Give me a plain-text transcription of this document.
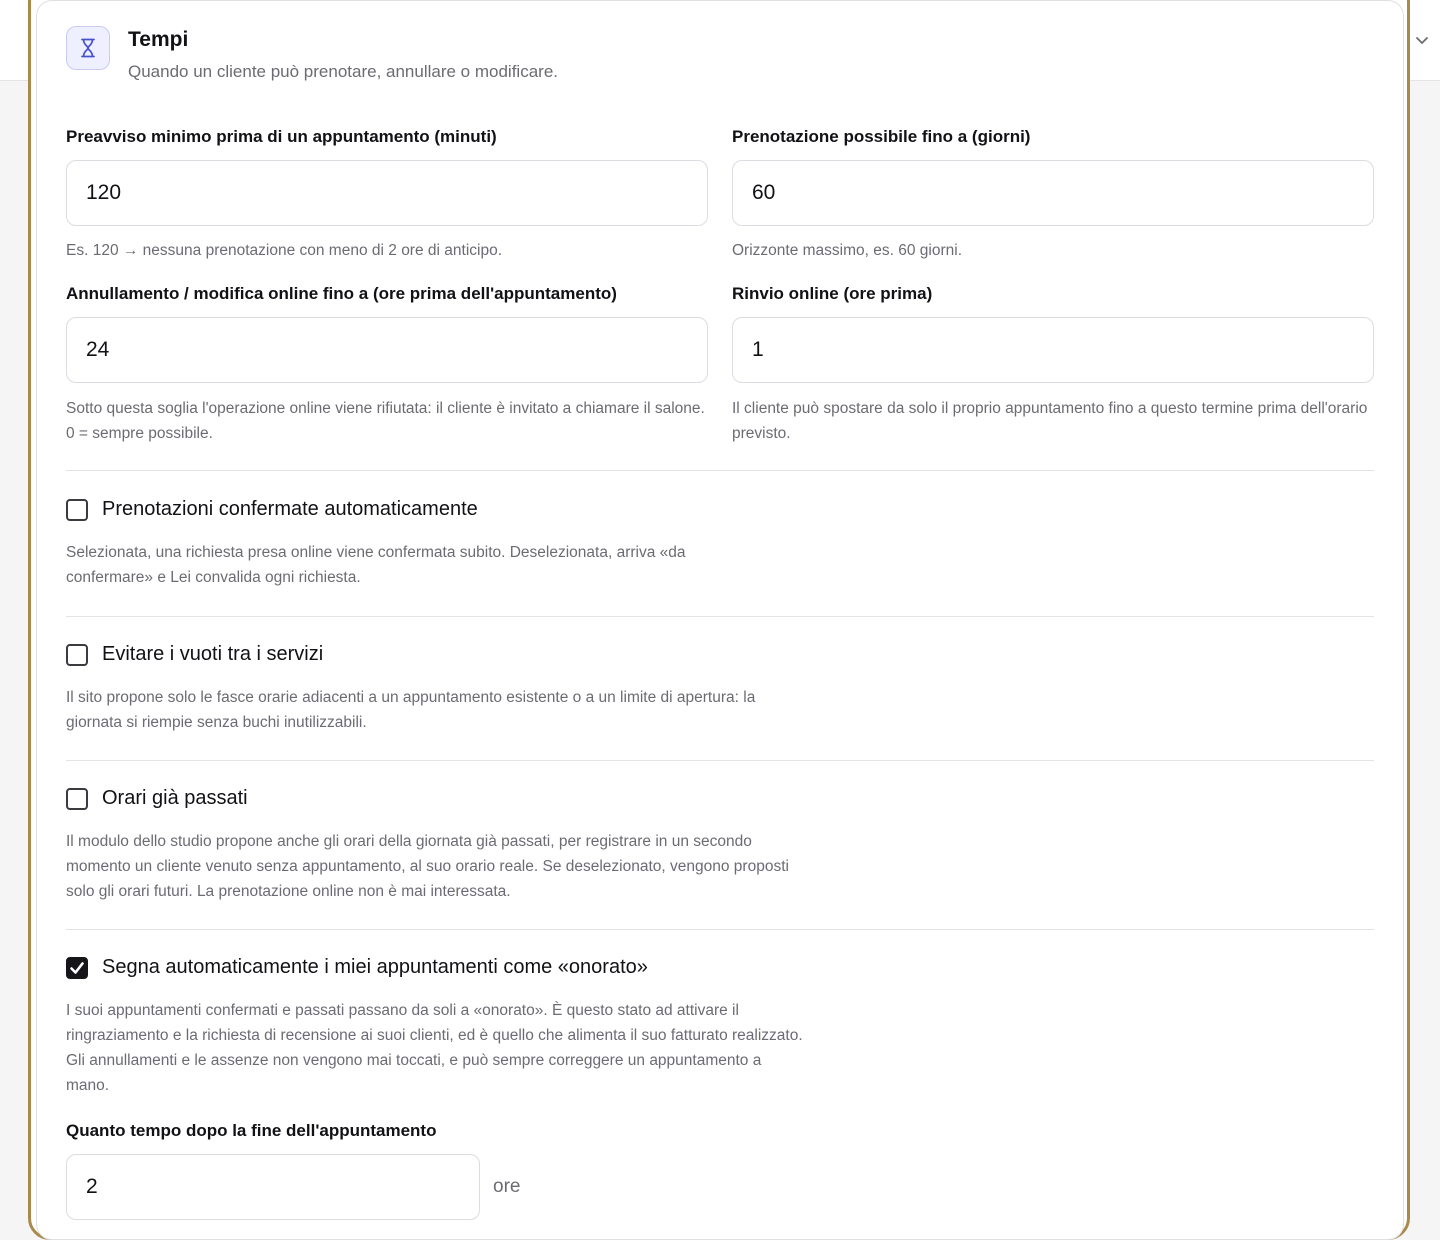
Tempi
Quando un cliente può prenotare, annullare o modificare.
Preavviso minimo prima di un appuntamento (minuti)
120
Es. 120 → nessuna prenotazione con meno di 2 ore di anticipo.
Prenotazione possibile fino a (giorni)
60
Orizzonte massimo, es. 60 giorni.
Annullamento / modifica online fino a (ore prima dell'appuntamento)
24
Sotto questa soglia l'operazione online viene rifiutata: il cliente è invitato a chiamare il salone. 0 = sempre possibile.
Rinvio online (ore prima)
1
Il cliente può spostare da solo il proprio appuntamento fino a questo termine prima dell'orario previsto.
Prenotazioni confermate automaticamente
Selezionata, una richiesta presa online viene confermata subito. Deselezionata, arriva «da confermare» e Lei convalida ogni richiesta.
Evitare i vuoti tra i servizi
Il sito propone solo le fasce orarie adiacenti a un appuntamento esistente o a un limite di apertura: la giornata si riempie senza buchi inutilizzabili.
Orari già passati
Il modulo dello studio propone anche gli orari della giornata già passati, per registrare in un secondo momento un cliente venuto senza appuntamento, al suo orario reale. Se deselezionato, vengono proposti solo gli orari futuri. La prenotazione online non è mai interessata.
Segna automaticamente i miei appuntamenti come «onorato»
I suoi appuntamenti confermati e passati passano da soli a «onorato». È questo stato ad attivare il ringraziamento e la richiesta di recensione ai suoi clienti, ed è quello che alimenta il suo fatturato realizzato. Gli annullamenti e le assenze non vengono mai toccati, e può sempre correggere un appuntamento a mano.
Quanto tempo dopo la fine dell'appuntamento
2
ore
